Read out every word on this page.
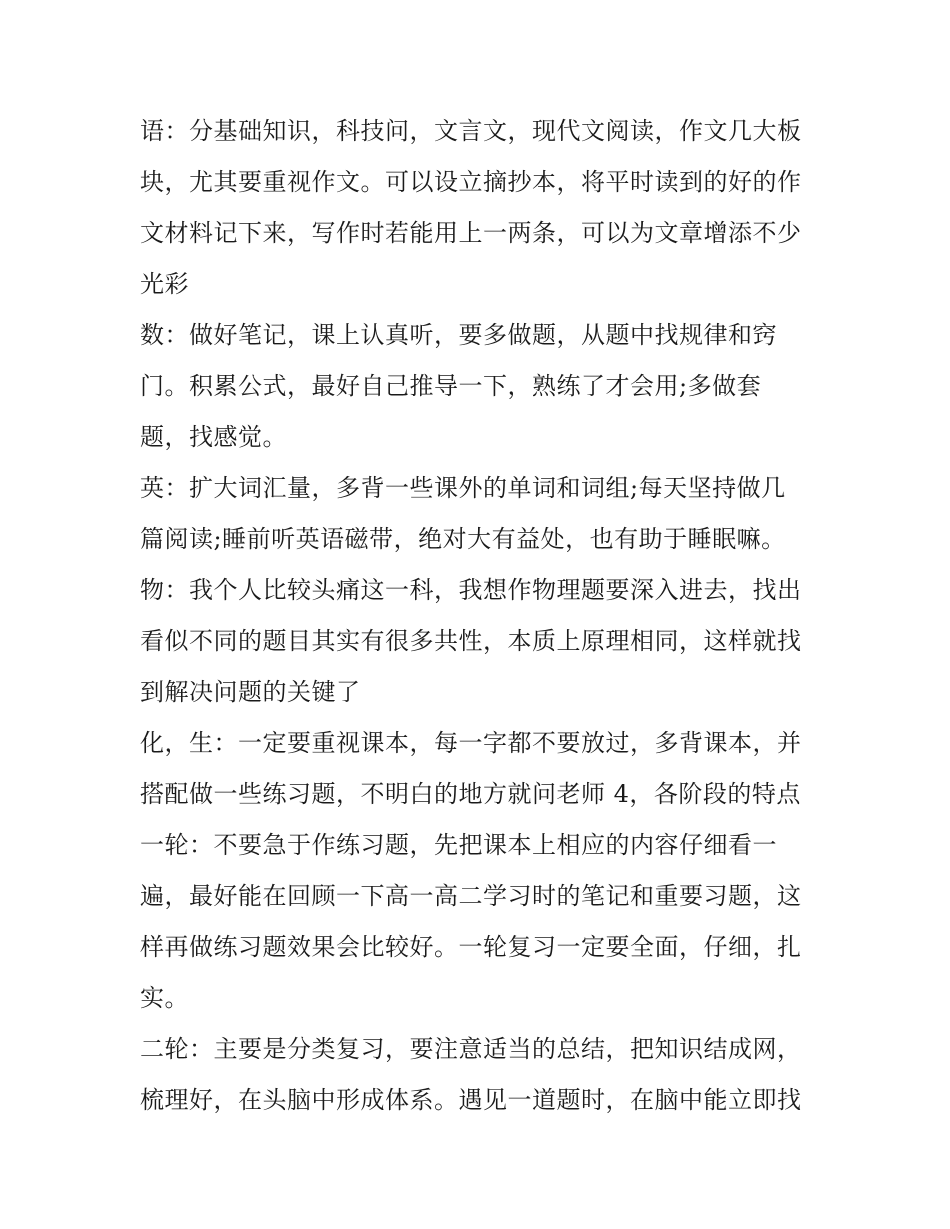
语：分基础知识，科技问，文言文，现代文阅读，作文几大板
块，尤其要重视作文。可以设立摘抄本，将平时读到的好的作
文材料记下来，写作时若能用上一两条，可以为文章增添不少
光彩
数：做好笔记，课上认真听，要多做题，从题中找规律和窍
门。积累公式，最好自己推导一下，熟练了才会用;多做套
题，找感觉。
英：扩大词汇量，多背一些课外的单词和词组;每天坚持做几
篇阅读;睡前听英语磁带，绝对大有益处，也有助于睡眠嘛。
物：我个人比较头痛这一科，我想作物理题要深入进去，找出
看似不同的题目其实有很多共性，本质上原理相同，这样就找
到解决问题的关键了
化，生：一定要重视课本，每一字都不要放过，多背课本，并
搭配做一些练习题，不明白的地方就问老师 4，各阶段的特点
一轮：不要急于作练习题，先把课本上相应的内容仔细看一
遍，最好能在回顾一下高一高二学习时的笔记和重要习题，这
样再做练习题效果会比较好。一轮复习一定要全面，仔细，扎
实。
二轮：主要是分类复习，要注意适当的总结，把知识结成网，
梳理好，在头脑中形成体系。遇见一道题时，在脑中能立即找
